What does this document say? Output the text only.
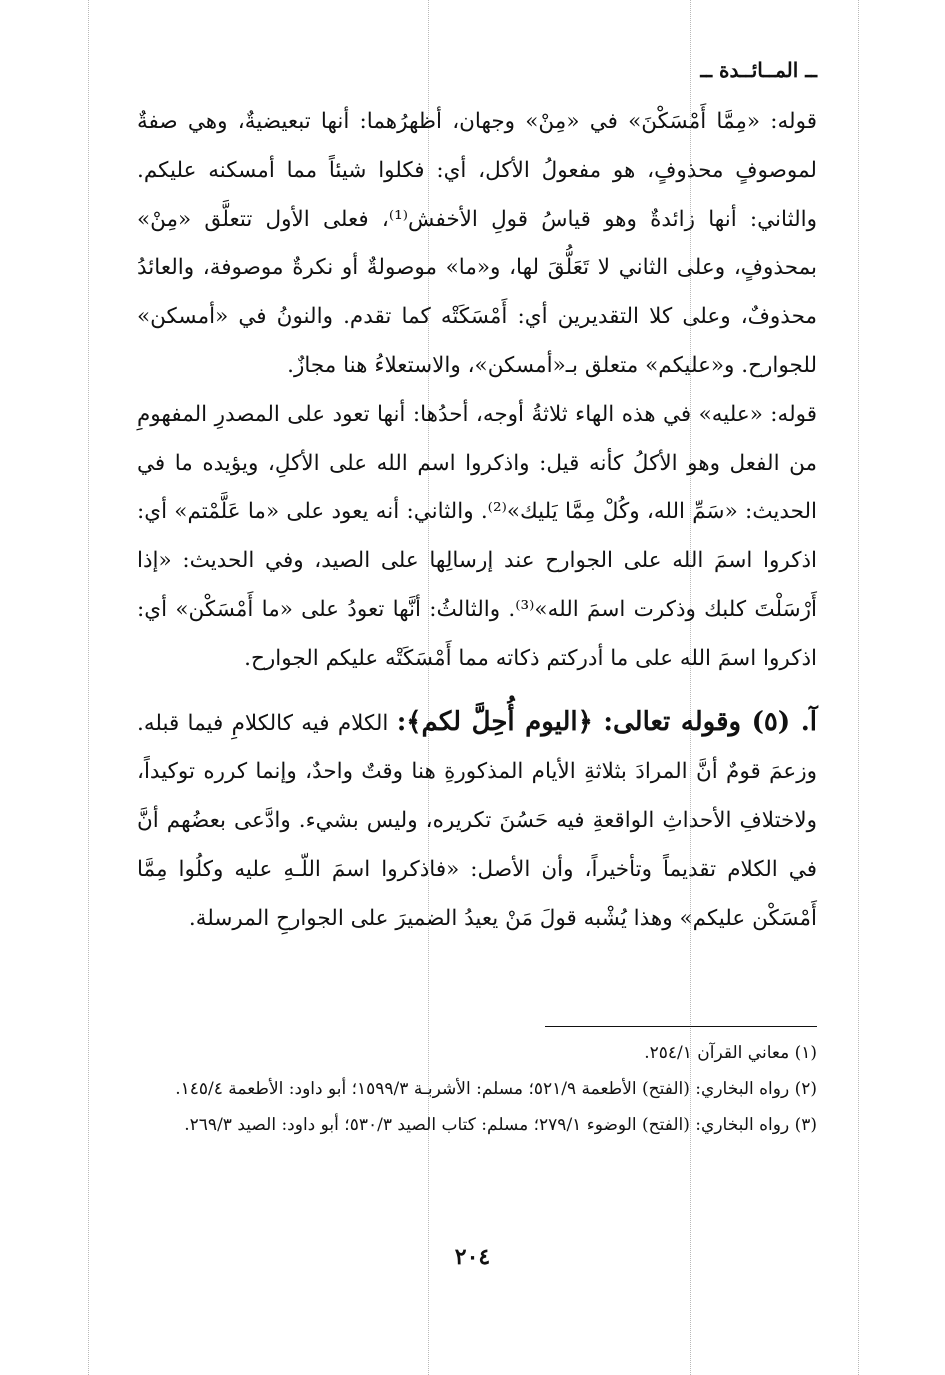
ــ المــائــدة ــ

قوله: «مِمَّا أَمْسَكْنَ» في «مِنْ» وجهان، أظهرُهما: أنها تبعيضيةٌ، وهي صفةٌ لموصوفٍ محذوفٍ، هو مفعولُ الأكل، أي: فكلوا شيئاً مما أمسكنه عليكم. والثاني: أنها زائدةٌ وهو قياسُ قولِ الأخفش⁽¹⁾، فعلى الأول تتعلَّق «مِنْ» بمحذوفٍ، وعلى الثاني لا تَعَلُّقَ لها، و«ما» موصولةٌ أو نكرةٌ موصوفة، والعائدُ محذوفٌ، وعلى كلا التقديرين أي: أَمْسَكَتْه كما تقدم. والنونُ في «أمسكن» للجوارح. و«عليكم» متعلق بـ«أمسكن»، والاستعلاءُ هنا مجازٌ.

قوله: «عليه» في هذه الهاء ثلاثةُ أوجه، أحدُها: أنها تعود على المصدرِ المفهومِ من الفعل وهو الأكلُ كأنه قيل: واذكروا اسم الله على الأكلِ، ويؤيده ما في الحديث: «سَمِّ الله، وكُلْ مِمَّا يَليك»⁽²⁾. والثاني: أنه يعود على «ما عَلَّمْتم» أي: اذكروا اسمَ الله على الجوارح عند إرسالِها على الصيد، وفي الحديث: «إذا أَرْسَلْتَ كلبك وذكرت اسمَ الله»⁽³⁾. والثالثُ: أنَّها تعودُ على «ما أَمْسَكْن» أي: اذكروا اسمَ الله على ما أدركتم ذكاته مما أَمْسَكَتْه عليكم الجوارح.

آ. (٥) وقوله تعالى: ﴿اليوم أُحِلَّ لكم﴾: الكلام فيه كالكلامِ فيما قبله. وزعمَ قومٌ أنَّ المرادَ بثلاثةِ الأيام المذكورةِ هنا وقتٌ واحدٌ، وإنما كرره توكيداً، ولاختلافِ الأحداثِ الواقعةِ فيه حَسُنَ تكريره، وليس بشيء. وادَّعى بعضُهم أنَّ في الكلام تقديماً وتأخيراً، وأن الأصل: «فاذكروا اسمَ اللّـهِ عليه وكلُوا مِمَّا أَمْسَكْن عليكم» وهذا يُشْبه قولَ مَنْ يعيدُ الضميرَ على الجوارحِ المرسلة.

(١) معاني القرآن ٢٥٤/١.

(٢) رواه البخاري: (الفتح) الأطعمة ٥٢١/٩؛ مسلم: الأشربـة ١٥٩٩/٣؛ أبو داود: الأطعمة ١٤٥/٤.

(٣) رواه البخاري: (الفتح) الوضوء ٢٧٩/١؛ مسلم: كتاب الصيد ٥٣٠/٣؛ أبو داود: الصيد ٢٦٩/٣.

٢٠٤
